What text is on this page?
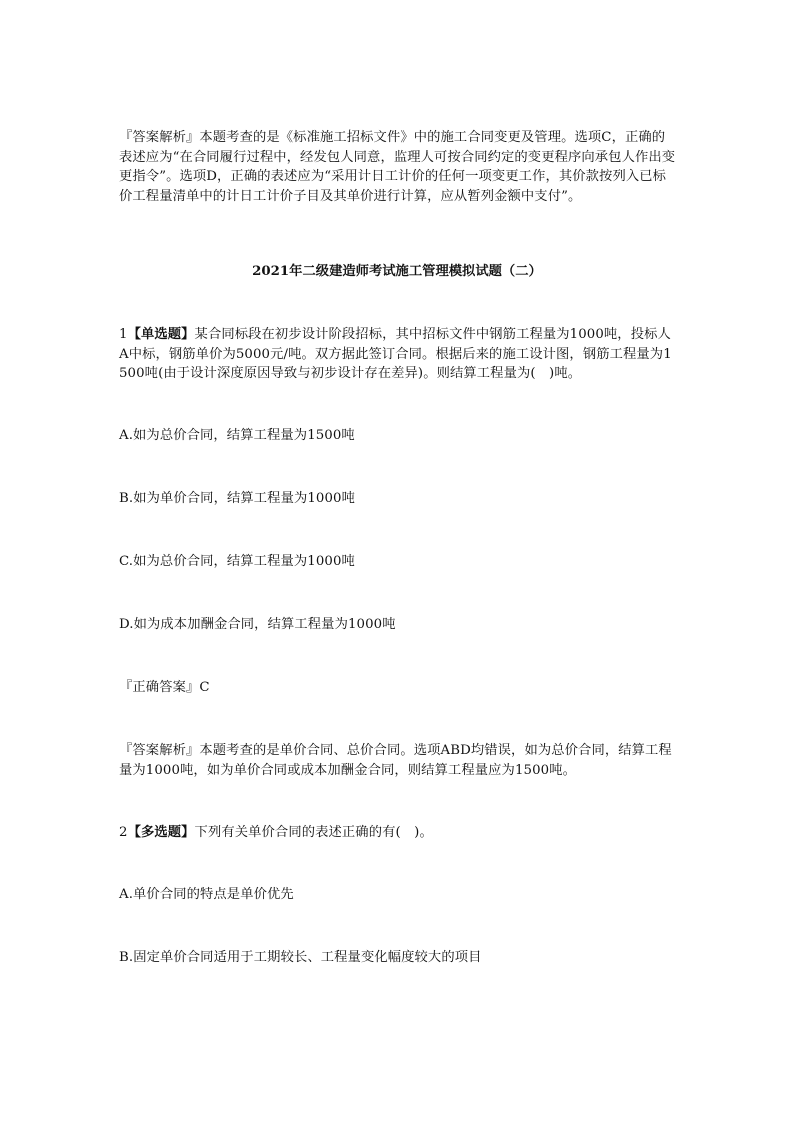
『答案解析』本题考查的是《标准施工招标文件》中的施工合同变更及管理。选项C，正确的表述应为“在合同履行过程中，经发包人同意，监理人可按合同约定的变更程序向承包人作出变更指令”。选项D，正确的表述应为“采用计日工计价的任何一项变更工作，其价款按列入已标价工程量清单中的计日工计价子目及其单价进行计算，应从暂列金额中支付”。
2021年二级建造师考试施工管理模拟试题（二）
1【单选题】某合同标段在初步设计阶段招标，其中招标文件中钢筋工程量为1000吨，投标人A中标，钢筋单价为5000元/吨。双方据此签订合同。根据后来的施工设计图，钢筋工程量为1500吨(由于设计深度原因导致与初步设计存在差异)。则结算工程量为(　)吨。
A.如为总价合同，结算工程量为1500吨
B.如为单价合同，结算工程量为1000吨
C.如为总价合同，结算工程量为1000吨
D.如为成本加酬金合同，结算工程量为1000吨
『正确答案』C
『答案解析』本题考查的是单价合同、总价合同。选项ABD均错误，如为总价合同，结算工程量为1000吨，如为单价合同或成本加酬金合同，则结算工程量应为1500吨。
2【多选题】下列有关单价合同的表述正确的有(　)。
A.单价合同的特点是单价优先
B.固定单价合同适用于工期较长、工程量变化幅度较大的项目
